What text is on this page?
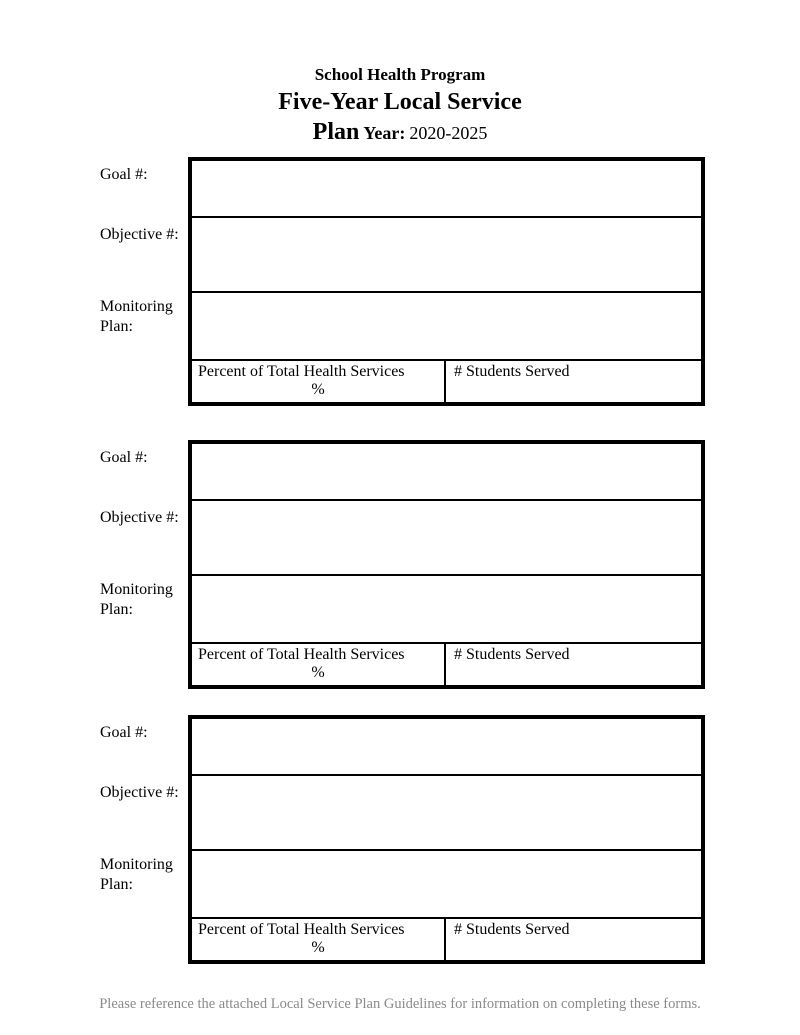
School Health Program
Five-Year Local Service
Plan Year: 2020-2025
Goal #:
Objective #:
Monitoring
Plan:
Percent of Total Health Services
%
# Students Served
Goal #:
Objective #:
Monitoring
Plan:
Percent of Total Health Services
%
# Students Served
Goal #:
Objective #:
Monitoring
Plan:
Percent of Total Health Services
%
# Students Served
Please reference the attached Local Service Plan Guidelines for information on completing these forms.
